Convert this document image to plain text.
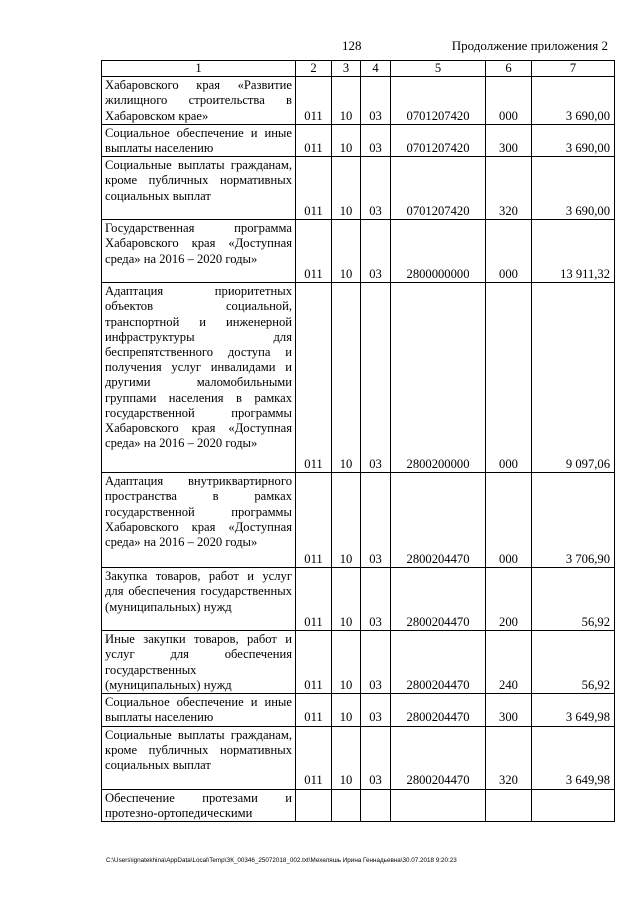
128	Продолжение приложения 2
1	2	3	4	5	6	7
Хабаровского края «Развитие жилищного строительства в Хабаровском крае»	011	10	03	0701207420	000	3 690,00
Социальное обеспечение и иные выплаты населению	011	10	03	0701207420	300	3 690,00
Социальные выплаты гражданам, кроме публичных нормативных социальных выплат	011	10	03	0701207420	320	3 690,00
Государственная программа Хабаровского края «Доступная среда» на 2016 – 2020 годы»	011	10	03	2800000000	000	13 911,32
Адаптация приоритетных объектов социальной, транспортной и инженерной инфраструктуры для беспрепятственного доступа и получения услуг инвалидами и другими маломобильными группами населения в рамках государственной программы Хабаровского края «Доступная среда» на 2016 – 2020 годы»	011	10	03	2800200000	000	9 097,06
Адаптация внутриквартирного пространства в рамках государственной программы Хабаровского края «Доступная среда» на 2016 – 2020 годы»	011	10	03	2800204470	000	3 706,90
Закупка товаров, работ и услуг для обеспечения государственных (муниципальных) нужд	011	10	03	2800204470	200	56,92
Иные закупки товаров, работ и услуг для обеспечения государственных (муниципальных) нужд	011	10	03	2800204470	240	56,92
Социальное обеспечение и иные выплаты населению	011	10	03	2800204470	300	3 649,98
Социальные выплаты гражданам, кроме публичных нормативных социальных выплат	011	10	03	2800204470	320	3 649,98
Обеспечение протезами и протезно-ортопедическими						
C:\Users\ignatekhina\AppData\Local\Temp\ЗК_00346_25072018_002.txt\Мехеляшь Ирина Геннадьевна\30.07.2018 9:20:23
